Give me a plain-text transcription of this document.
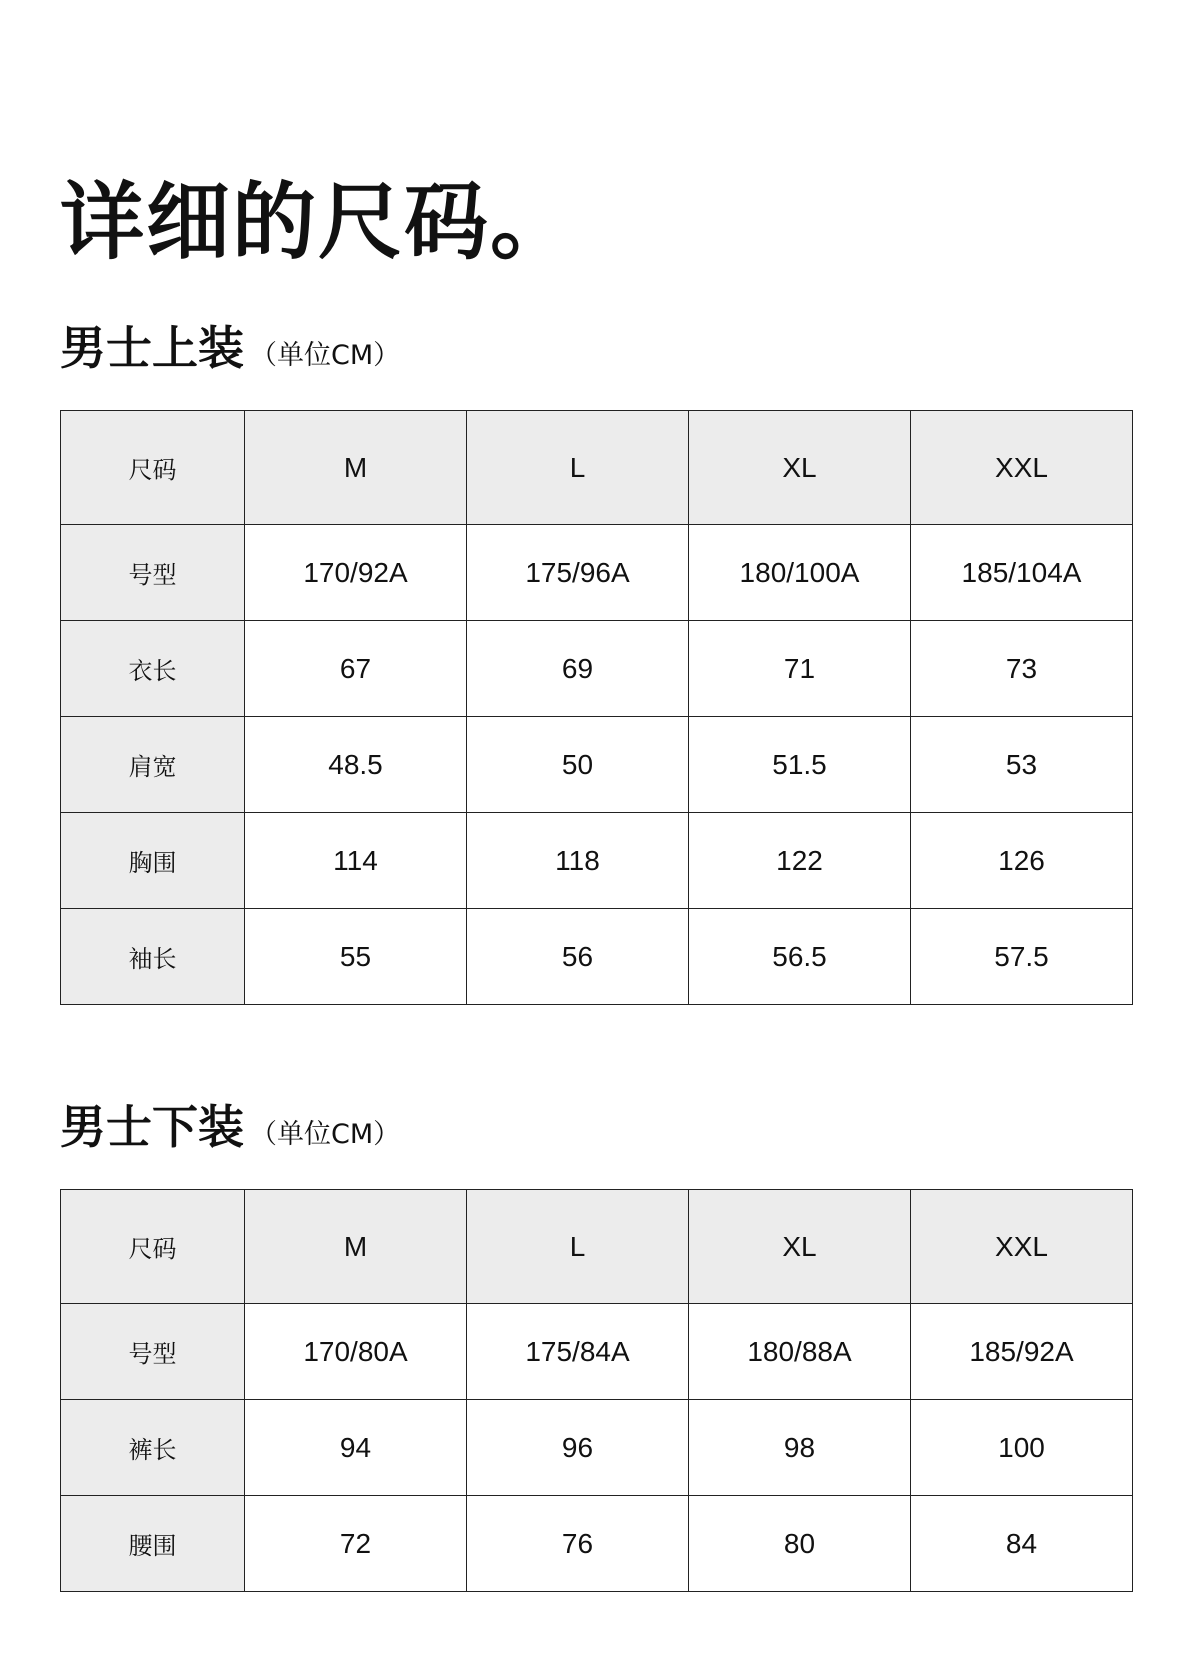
详细的尺码。
男士上装 （单位CM）
尺码	M	L	XL	XXL
号型	170/92A	175/96A	180/100A	185/104A
衣长	67	69	71	73
肩宽	48.5	50	51.5	53
胸围	114	118	122	126
袖长	55	56	56.5	57.5
男士下装 （单位CM）
尺码	M	L	XL	XXL
号型	170/80A	175/84A	180/88A	185/92A
裤长	94	96	98	100
腰围	72	76	80	84
